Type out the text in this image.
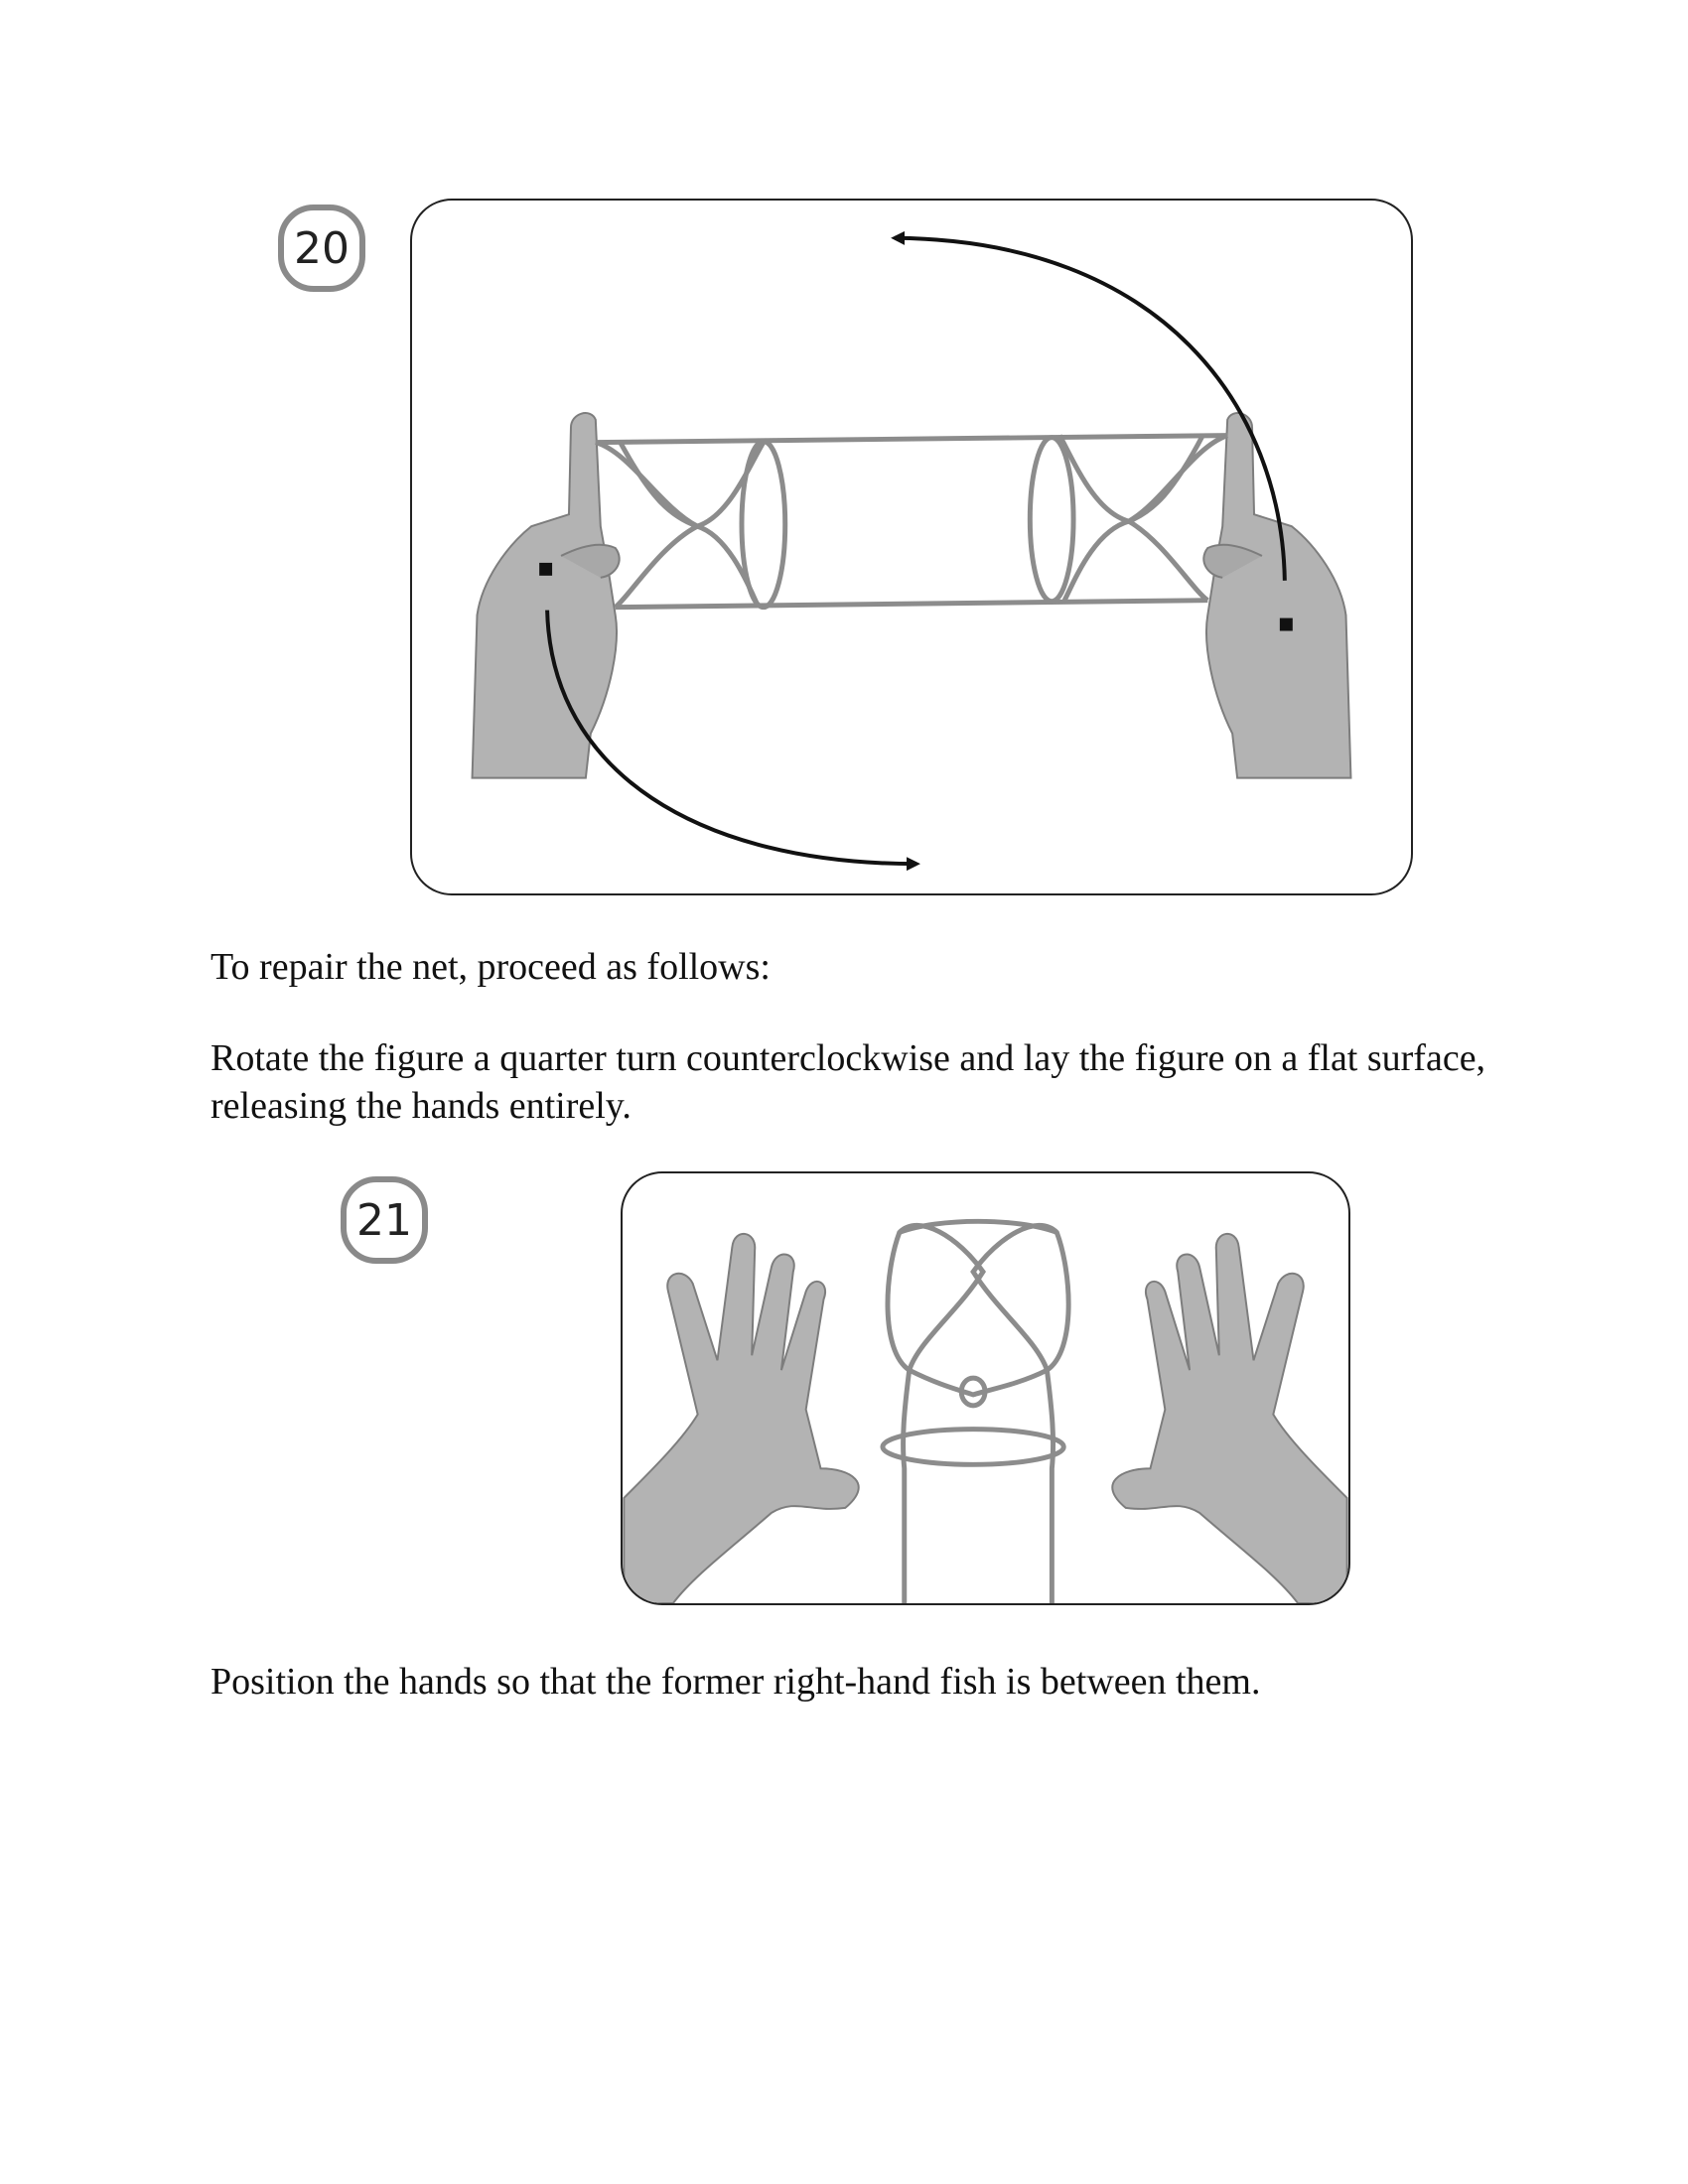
20

To repair the net, proceed as follows:

Rotate the figure a quarter turn counterclockwise and lay the figure on a flat surface, releasing the hands entirely.

21

Position the hands so that the former right-hand fish is between them.
